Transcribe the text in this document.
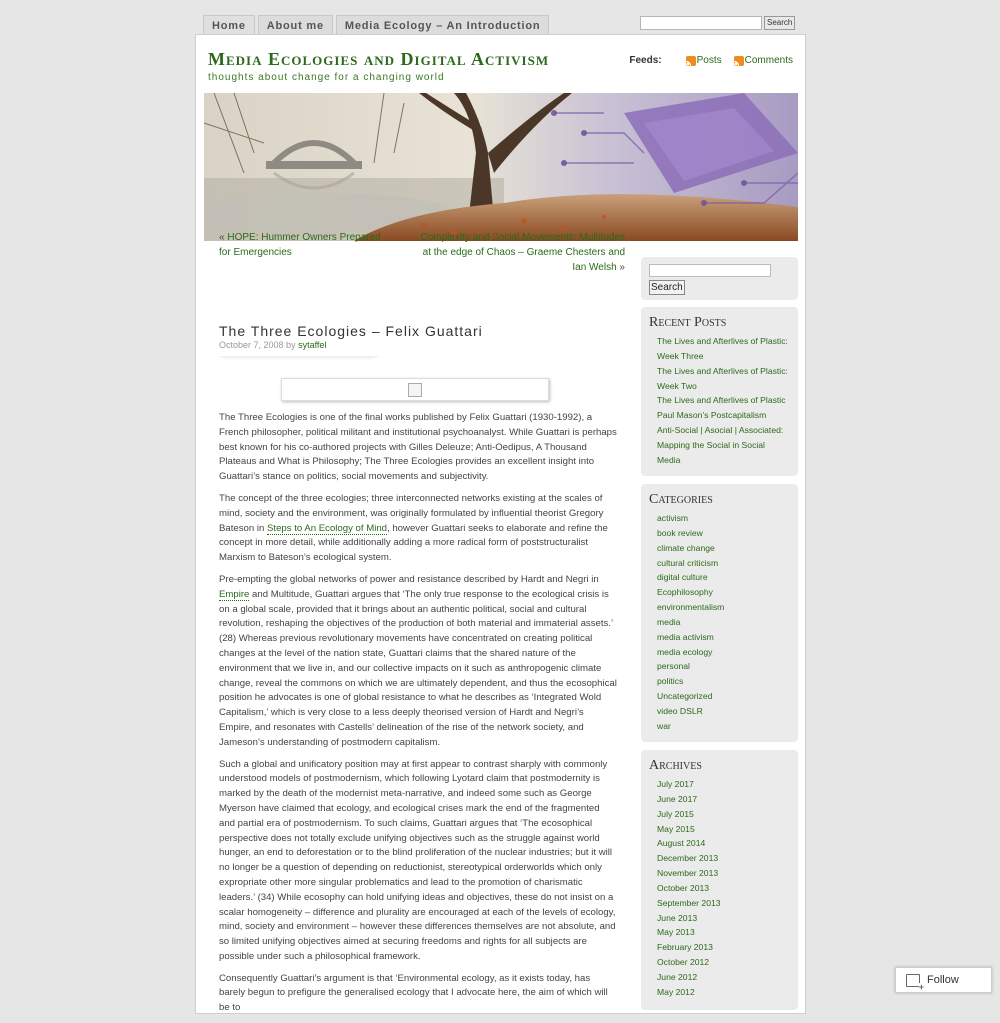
Home	About me	Media Ecology – An Introduction	Search
Media Ecologies and Digital Activism
thoughts about change for a changing world
Feeds:	Posts Comments
« HOPE: Hummer Owners Prepared for Emergencies
Complexity and Social Movements: Multitudes at the edge of Chaos – Graeme Chesters and Ian Welsh »
The Three Ecologies – Felix Guattari
October 7, 2008 by sytaffel

The Three Ecologies is one of the final works published by Felix Guattari (1930-1992), a French philosopher, political militant and institutional psychoanalyst. While Guattari is perhaps best known for his co-authored projects with Gilles Deleuze; Anti-Oedipus, A Thousand Plateaus and What is Philosophy; The Three Ecologies provides an excellent insight into Guattari’s stance on politics, social movements and subjectivity.

The concept of the three ecologies; three interconnected networks existing at the scales of mind, society and the environment, was originally formulated by influential theorist Gregory Bateson in Steps to An Ecology of Mind, however Guattari seeks to elaborate and refine the concept in more detail, while additionally adding a more radical form of poststructuralist Marxism to Bateson’s ecological system.

Pre-empting the global networks of power and resistance described by Hardt and Negri in Empire and Multitude, Guattari argues that ‘The only true response to the ecological crisis is on a global scale, provided that it brings about an authentic political, social and cultural revolution, reshaping the objectives of the production of both material and immaterial assets.’ (28) Whereas previous revolutionary movements have concentrated on creating political changes at the level of the nation state, Guattari claims that the shared nature of the environment that we live in, and our collective impacts on it such as anthropogenic climate change, reveal the commons on which we are ultimately dependent, and thus the ecosophical position he advocates is one of global resistance to what he describes as ‘Integrated Wold Capitalism,’ which is very close to a less deeply theorised version of Hardt and Negri’s Empire, and resonates with Castells’ delineation of the rise of the network society, and Jameson’s understanding of postmodern capitalism.

Such a global and unificatory position may at first appear to contrast sharply with commonly understood models of postmodernism, which following Lyotard claim that postmodernity is marked by the death of the modernist meta-narrative, and indeed some such as George Myerson have claimed that ecology, and ecological crises mark the end of the fragmented and partial era of postmodernism. To such claims, Guattari argues that ‘The ecosophical perspective does not totally exclude unifying objectives such as the struggle against world hunger, an end to deforestation or to the blind proliferation of the nuclear industries; but it will no longer be a question of depending on reductionist, stereotypical orderworlds which only expropriate other more singular problematics and lead to the promotion of charismatic leaders.’ (34) While ecosophy can hold unifying ideas and objectives, these do not insist on a scalar homogeneity – difference and plurality are encouraged at each of the levels of ecology, mind, society and environment – however these differences themselves are not absolute, and so limited unifying objectives aimed at securing freedoms and rights for all subjects are possible under such a philosophical framework.

Consequently Guattari’s argument is that ‘Environmental ecology, as it exists today, has barely begun to prefigure the generalised ecology that I advocate here, the aim of which will be to

Search
Recent Posts
The Lives and Afterlives of Plastic: Week Three
The Lives and Afterlives of Plastic: Week Two
The Lives and Afterlives of Plastic
Paul Mason’s Postcapitalism
Anti-Social | Asocial | Associated: Mapping the Social in Social Media
Categories
activism
book review
climate change
cultural criticism
digital culture
Ecophilosophy
environmentalism
media
media activism
media ecology
personal
politics
Uncategorized
video DSLR
war
Archives
July 2017
June 2017
July 2015
May 2015
August 2014
December 2013
November 2013
October 2013
September 2013
June 2013
May 2013
February 2013
October 2012
June 2012
May 2012
+
Follow
